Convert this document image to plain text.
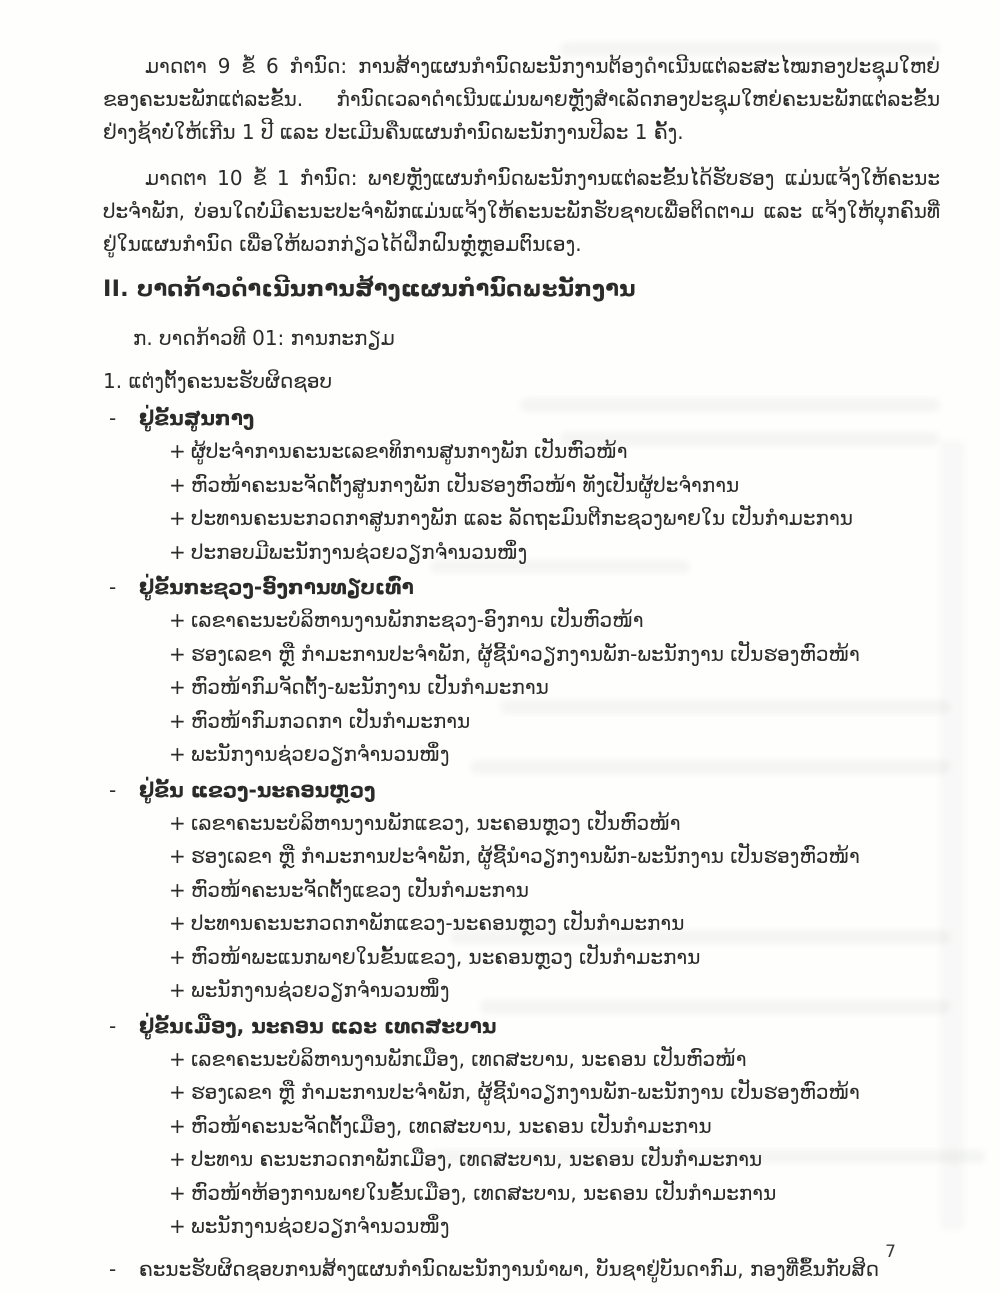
ມາດຕາ 9 ຂໍ້ 6 ກຳນົດ: ການສ້າງແຜນກຳນົດພະນັກງານຕ້ອງດຳເນີນແຕ່ລະສະໄໝກອງປະຊຸມໃຫຍ່ຂອງຄະນະພັກແຕ່ລະຂັ້ນ. ກຳນົດເວລາດຳເນີນແມ່ນພາຍຫຼັງສຳເລັດກອງປະຊຸມໃຫຍ່ຄະນະພັກແຕ່ລະຂັ້ນຢ່າງຊ້າບໍ່ໃຫ້ເກີນ 1 ປີ ແລະ ປະເມີນຄືນແຜນກຳນົດພະນັກງານປີລະ 1 ຄັ້ງ.

ມາດຕາ 10 ຂໍ້ 1 ກຳນົດ: ພາຍຫຼັງແຜນກຳນົດພະນັກງານແຕ່ລະຂັ້ນໄດ້ຮັບຮອງ ແມ່ນແຈ້ງໃຫ້ຄະນະປະຈຳພັກ, ບ່ອນໃດບໍ່ມີຄະນະປະຈຳພັກແມ່ນແຈ້ງໃຫ້ຄະນະພັກຮັບຊາບເພື່ອຕິດຕາມ ແລະ ແຈ້ງໃຫ້ບຸກຄົນທີ່ຢູ່ໃນແຜນກຳນົດ ເພື່ອໃຫ້ພວກກ່ຽວໄດ້ຝຶກຝົນຫຼໍ່ຫຼອມຕົນເອງ.

II. ບາດກ້າວດຳເນີນການສ້າງແຜນກຳນົດພະນັກງານ
ກ. ບາດກ້າວທີ 01: ການກະກຽມ
1. ແຕ່ງຕັ້ງຄະນະຮັບຜິດຊອບ
-	ຢູ່ຂັ້ນສູນກາງ
+ ຜູ້ປະຈຳການຄະນະເລຂາທິການສູນກາງພັກ ເປັນຫົວໜ້າ
+ ຫົວໜ້າຄະນະຈັດຕັ້ງສູນກາງພັກ ເປັນຮອງຫົວໜ້າ ທັງເປັນຜູ້ປະຈຳການ
+ ປະທານຄະນະກວດກາສູນກາງພັກ ແລະ ລັດຖະມົນຕີກະຊວງພາຍໃນ ເປັນກຳມະການ
+ ປະກອບມີພະນັກງານຊ່ວຍວຽກຈຳນວນໜຶ່ງ
-	ຢູ່ຂັ້ນກະຊວງ-ອົງການທຽບເທົ່າ
+ ເລຂາຄະນະບໍລິຫານງານພັກກະຊວງ-ອົງການ ເປັນຫົວໜ້າ
+ ຮອງເລຂາ ຫຼື ກຳມະການປະຈຳພັກ, ຜູ້ຊີ້ນຳວຽກງານພັກ-ພະນັກງານ ເປັນຮອງຫົວໜ້າ
+ ຫົວໜ້າກົມຈັດຕັ້ງ-ພະນັກງານ ເປັນກຳມະການ
+ ຫົວໜ້າກົມກວດກາ ເປັນກຳມະການ
+ ພະນັກງານຊ່ວຍວຽກຈຳນວນໜຶ່ງ
-	ຢູ່ຂັ້ນ ແຂວງ-ນະຄອນຫຼວງ
+ ເລຂາຄະນະບໍລິຫານງານພັກແຂວງ, ນະຄອນຫຼວງ ເປັນຫົວໜ້າ
+ ຮອງເລຂາ ຫຼື ກຳມະການປະຈຳພັກ, ຜູ້ຊີ້ນຳວຽກງານພັກ-ພະນັກງານ ເປັນຮອງຫົວໜ້າ
+ ຫົວໜ້າຄະນະຈັດຕັ້ງແຂວງ ເປັນກຳມະການ
+ ປະທານຄະນະກວດກາພັກແຂວງ-ນະຄອນຫຼວງ ເປັນກຳມະການ
+ ຫົວໜ້າພະແນກພາຍໃນຂັ້ນແຂວງ, ນະຄອນຫຼວງ ເປັນກຳມະການ
+ ພະນັກງານຊ່ວຍວຽກຈຳນວນໜຶ່ງ
-	ຢູ່ຂັ້ນເມືອງ, ນະຄອນ ແລະ ເທດສະບານ
+ ເລຂາຄະນະບໍລິຫານງານພັກເມືອງ, ເທດສະບານ, ນະຄອນ ເປັນຫົວໜ້າ
+ ຮອງເລຂາ ຫຼື ກຳມະການປະຈຳພັກ, ຜູ້ຊີ້ນຳວຽກງານພັກ-ພະນັກງານ ເປັນຮອງຫົວໜ້າ
+ ຫົວໜ້າຄະນະຈັດຕັ້ງເມືອງ, ເທດສະບານ, ນະຄອນ ເປັນກຳມະການ
+ ປະທານ ຄະນະກວດກາພັກເມືອງ, ເທດສະບານ, ນະຄອນ ເປັນກຳມະການ
+ ຫົວໜ້າຫ້ອງການພາຍໃນຂັ້ນເມືອງ, ເທດສະບານ, ນະຄອນ ເປັນກຳມະການ
+ ພະນັກງານຊ່ວຍວຽກຈຳນວນໜຶ່ງ
-	ຄະນະຮັບຜິດຊອບການສ້າງແຜນກຳນົດພະນັກງານນຳພາ, ບັນຊາຢູ່ບັນດາກົມ, ກອງທີ່ຂຶ້ນກັບສິດ
7
